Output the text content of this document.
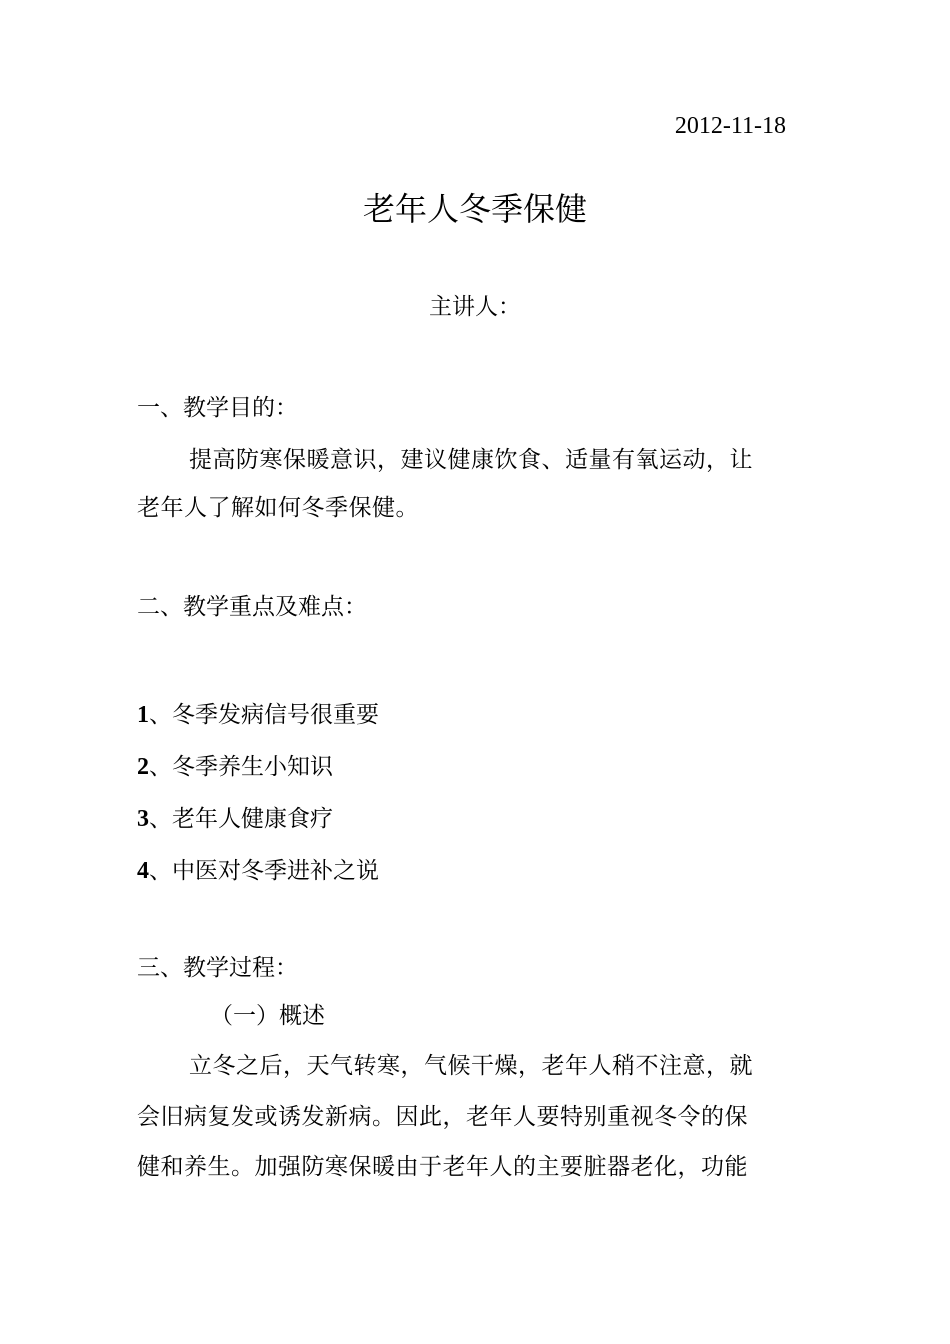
2012-11-18
老年人冬季保健
主讲人：
一、教学目的：
提高防寒保暖意识，建议健康饮食、适量有氧运动，让
老年人了解如何冬季保健。
二、教学重点及难点：
1、冬季发病信号很重要
2、冬季养生小知识
3、老年人健康食疗
4、中医对冬季进补之说
三、教学过程：
（一）概述
立冬之后，天气转寒，气候干燥，老年人稍不注意，就
会旧病复发或诱发新病。因此，老年人要特别重视冬令的保
健和养生。加强防寒保暖由于老年人的主要脏器老化，功能
